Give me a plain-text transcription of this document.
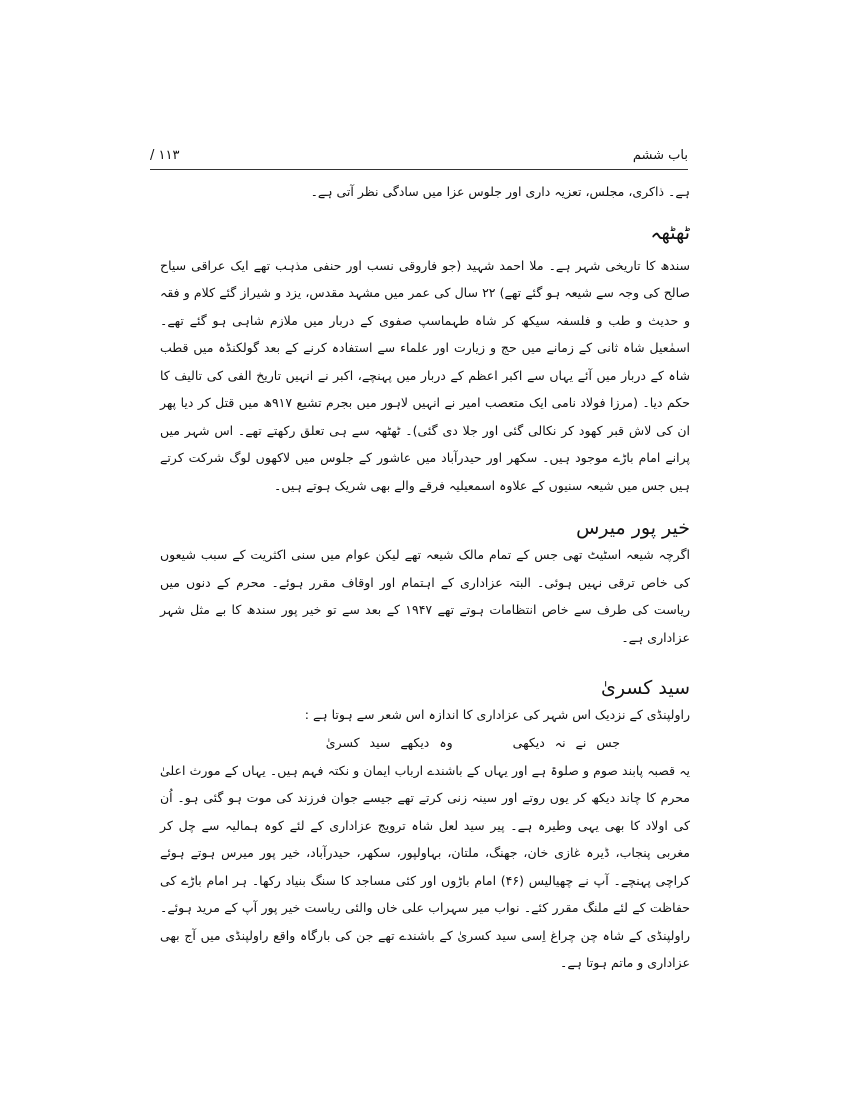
باب ششم
/ ۱۱۳

ہے۔ ذاکری، مجلس، تعزیہ داری اور جلوس عزا میں سادگی نظر آتی ہے۔

ٹھٹھہ

سندھ کا تاریخی شہر ہے۔ ملا احمد شہید (جو فاروقی نسب اور حنفی مذہب تھے ایک عراقی سیاح صالح کی وجہ سے شیعہ ہو گئے تھے) ۲۲ سال کی عمر میں مشہد مقدس، یزد و شیراز گئے کلام و فقہ و حدیث و طب و فلسفہ سیکھ کر شاہ طہماسپ صفوی کے دربار میں ملازم شاہی ہو گئے تھے۔ اسمٰعیل شاہ ثانی کے زمانے میں حج و زیارت اور علماء سے استفادہ کرنے کے بعد گولکنڈہ میں قطب شاہ کے دربار میں آئے یہاں سے اکبر اعظم کے دربار میں پہنچے، اکبر نے انہیں تاریخ الفی کی تالیف کا حکم دیا۔ (مرزا فولاد نامی ایک متعصب امیر نے انہیں لاہور میں بجرم تشیع ۹۱۷ھ میں قتل کر دیا پھر ان کی لاش قبر کھود کر نکالی گئی اور جلا دی گئی)۔ ٹھٹھہ سے ہی تعلق رکھتے تھے۔ اس شہر میں پرانے امام باڑے موجود ہیں۔ سکھر اور حیدرآباد میں عاشور کے جلوس میں لاکھوں لوگ شرکت کرتے ہیں جس میں شیعہ سنیوں کے علاوہ اسمعیلیہ فرقے والے بھی شریک ہوتے ہیں۔

خیر پور میرس

اگرچہ شیعہ اسٹیٹ تھی جس کے تمام مالک شیعہ تھے لیکن عوام میں سنی اکثریت کے سبب شیعوں کی خاص ترقی نہیں ہوئی۔ البتہ عزاداری کے اہتمام اور اوقاف مقرر ہوئے۔ محرم کے دنوں میں ریاست کی طرف سے خاص انتظامات ہوتے تھے ۱۹۴۷ کے بعد سے تو خیر پور سندھ کا بے مثل شہر عزاداری ہے۔

سید کسریٰ

راولپنڈی کے نزدیک اس شہر کی عزاداری کا اندازہ اس شعر سے ہوتا ہے :

جس نے نہ دیکھی  وہ دیکھے سید کسریٰ

یہ قصبہ پابند صوم و صلوۃ ہے اور یہاں کے باشندے ارباب ایمان و نکتہ فہم ہیں۔ یہاں کے مورث اعلیٰ محرم کا چاند دیکھ کر یوں روتے اور سینہ زنی کرتے تھے جیسے جوان فرزند کی موت ہو گئی ہو۔ اُن کی اولاد کا بھی یہی وطیرہ ہے۔ پیر سید لعل شاہ ترویج عزاداری کے لئے کوہ ہمالیہ سے چل کر مغربی پنجاب، ڈیرہ غازی خان، جھنگ، ملتان، بہاولپور، سکھر، حیدرآباد، خیر پور میرس ہوتے ہوئے کراچی پہنچے۔ آپ نے چھیالیس (۴۶) امام باڑوں اور کئی مساجد کا سنگ بنیاد رکھا۔ ہر امام باڑے کی حفاظت کے لئے ملنگ مقرر کئے۔ نواب میر سہراب علی خاں والئی ریاست خیر پور آپ کے مرید ہوئے۔ راولپنڈی کے شاہ چن چراغ اِسی سید کسریٰ کے باشندے تھے جن کی بارگاہ واقع راولپنڈی میں آج بھی عزاداری و ماتم ہوتا ہے۔
